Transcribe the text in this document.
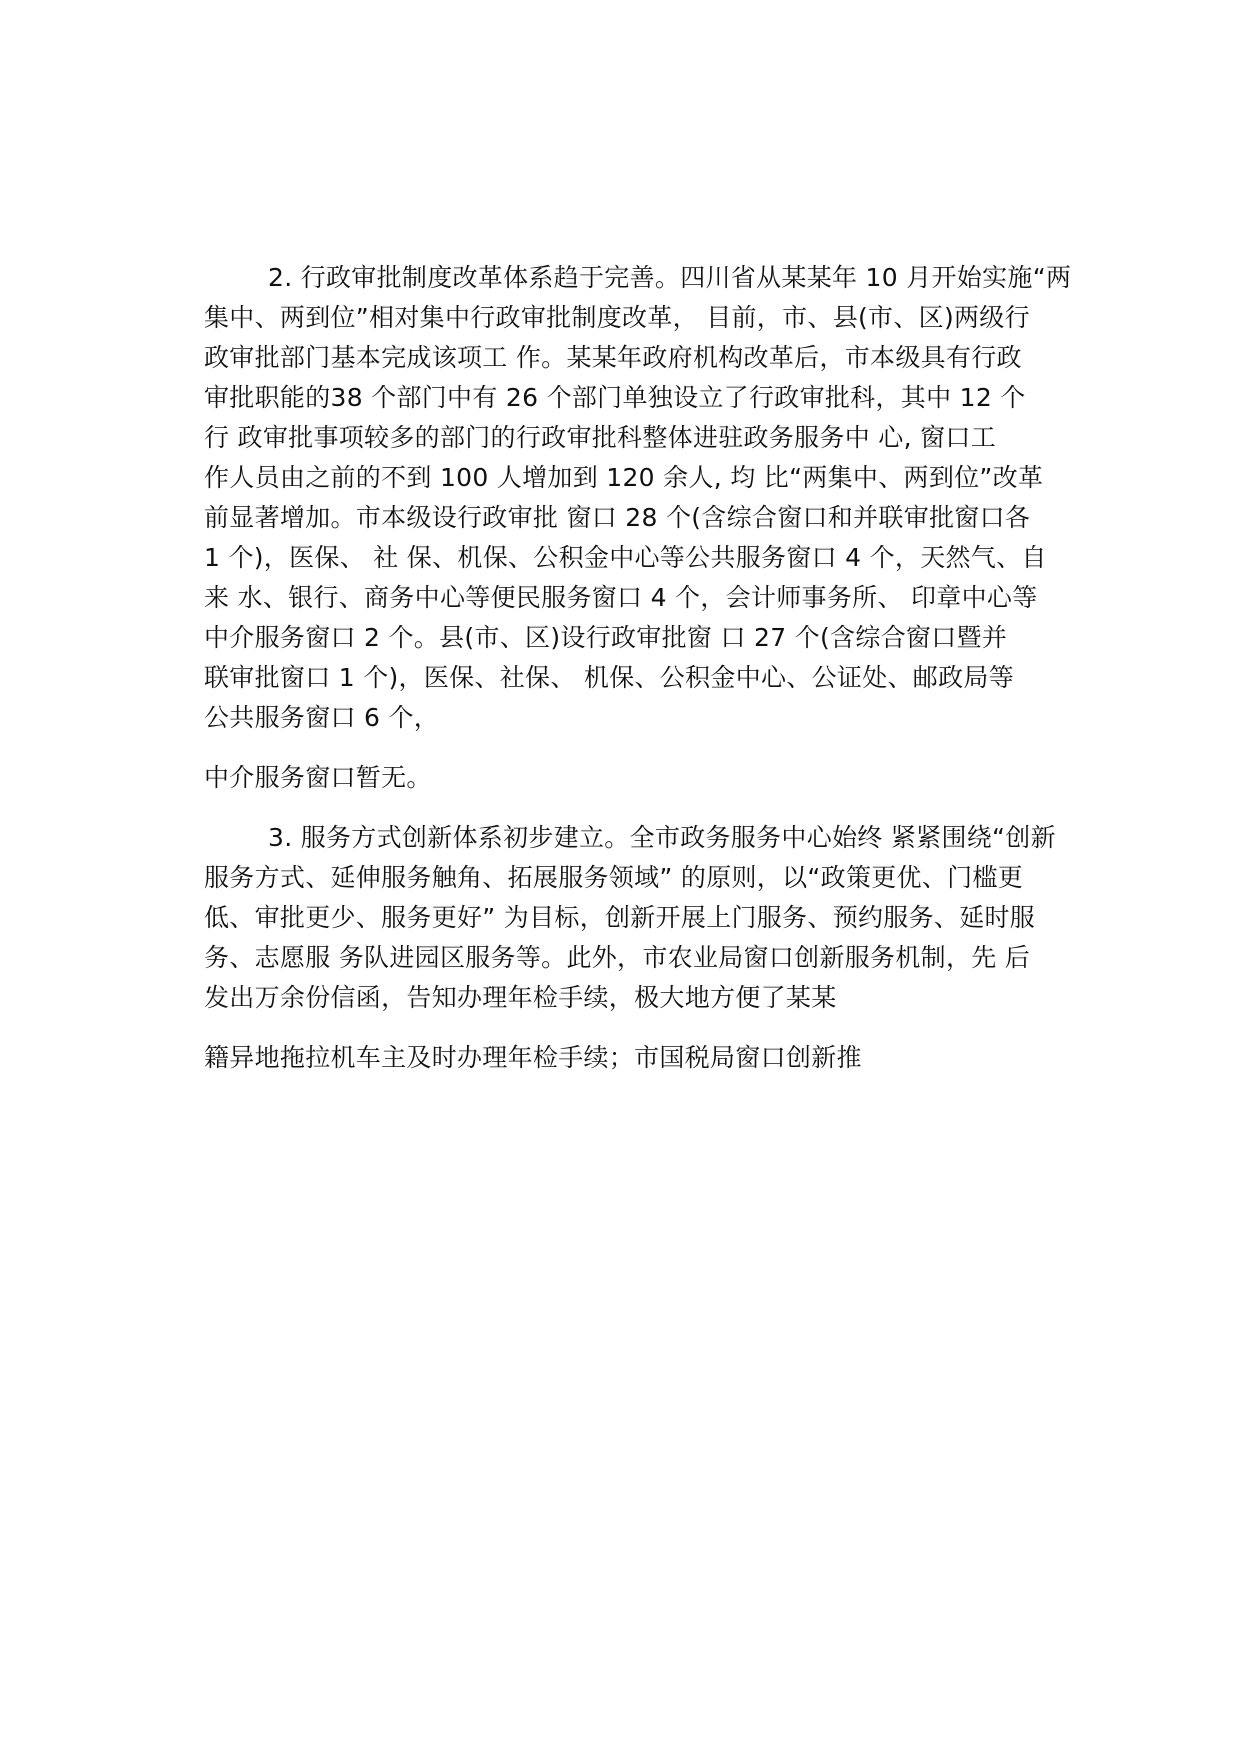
2. 行政审批制度改革体系趋于完善。四川省从某某年 10 月开始实施“两
集中、两到位”相对集中行政审批制度改革， 目前，市、县(市、区)两级行
政审批部门基本完成该项工 作。某某年政府机构改革后，市本级具有行政
审批职能的38 个部门中有 26 个部门单独设立了行政审批科，其中 12 个
行 政审批事项较多的部门的行政审批科整体进驻政务服务中 心, 窗口工
作人员由之前的不到 100 人增加到 120 余人, 均 比“两集中、两到位”改革
前显著增加。市本级设行政审批 窗口 28 个(含综合窗口和并联审批窗口各
1 个)，医保、 社 保、机保、公积金中心等公共服务窗口 4 个，天然气、自
来 水、银行、商务中心等便民服务窗口 4 个，会计师事务所、 印章中心等
中介服务窗口 2 个。县(市、区)设行政审批窗 口 27 个(含综合窗口暨并
联审批窗口 1 个)，医保、社保、 机保、公积金中心、公证处、邮政局等
公共服务窗口 6 个，
中介服务窗口暂无。
3. 服务方式创新体系初步建立。全市政务服务中心始终 紧紧围绕“创新
服务方式、延伸服务触角、拓展服务领域” 的原则，以“政策更优、门槛更
低、审批更少、服务更好” 为目标，创新开展上门服务、预约服务、延时服
务、志愿服 务队进园区服务等。此外，市农业局窗口创新服务机制，先 后
发出万余份信函，告知办理年检手续，极大地方便了某某
籍异地拖拉机车主及时办理年检手续；市国税局窗口创新推
